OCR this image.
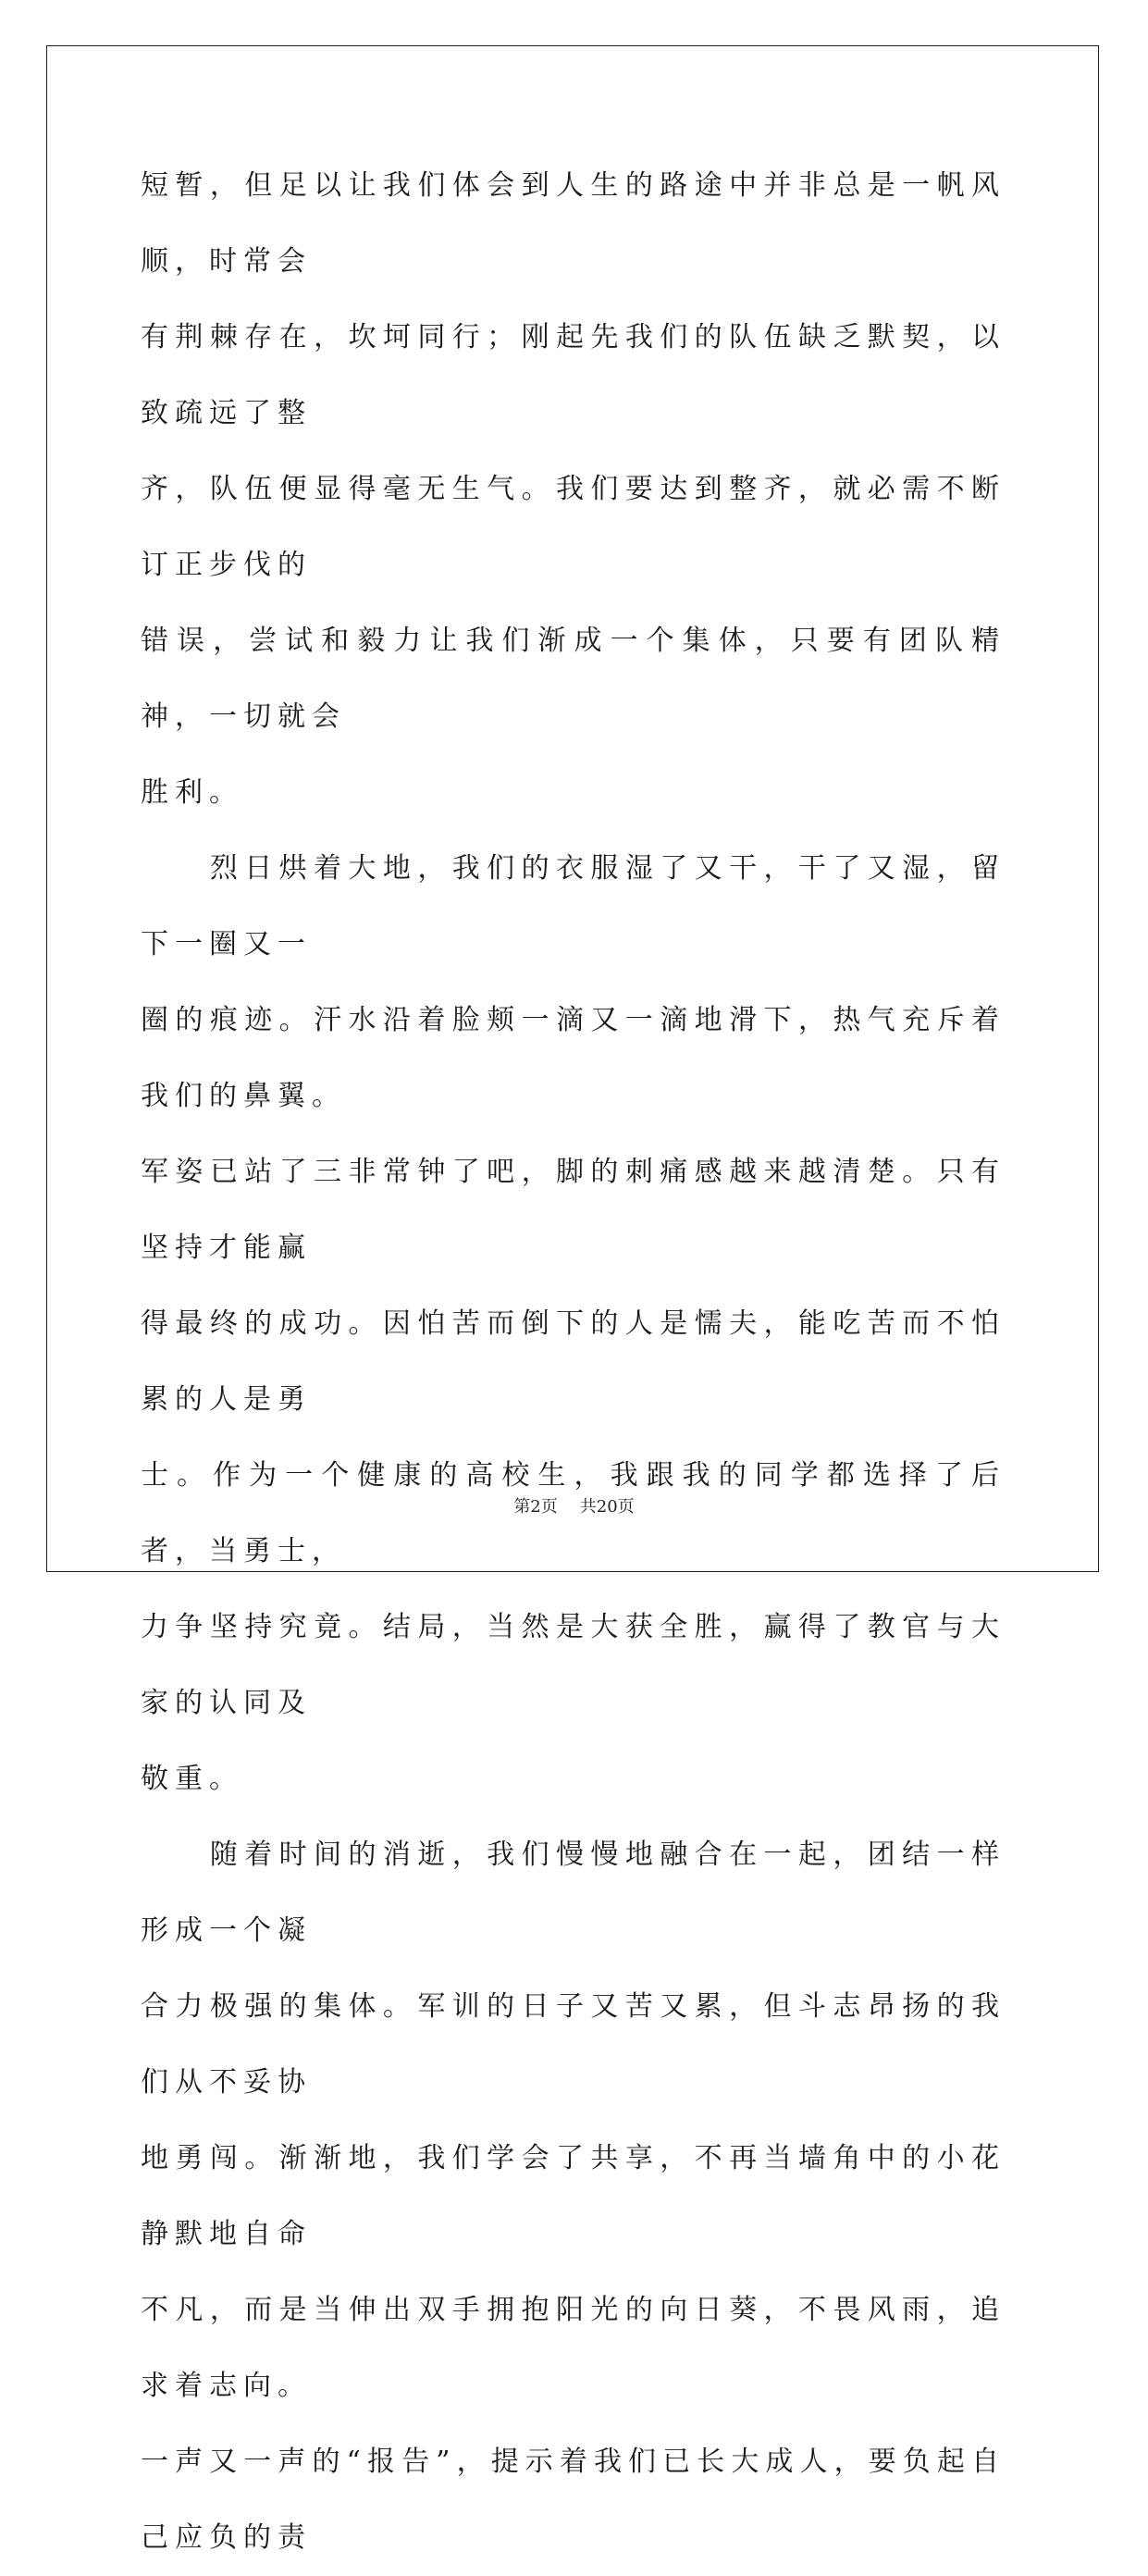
短暂，但足以让我们体会到人生的路途中并非总是一帆风顺，时常会
有荆棘存在，坎坷同行；刚起先我们的队伍缺乏默契，以致疏远了整
齐，队伍便显得毫无生气。我们要达到整齐，就必需不断订正步伐的
错误，尝试和毅力让我们渐成一个集体，只要有团队精神，一切就会
胜利。
　　烈日烘着大地，我们的衣服湿了又干，干了又湿，留下一圈又一
圈的痕迹。汗水沿着脸颊一滴又一滴地滑下，热气充斥着我们的鼻翼。
军姿已站了三非常钟了吧，脚的刺痛感越来越清楚。只有坚持才能赢
得最终的成功。因怕苦而倒下的人是懦夫，能吃苦而不怕累的人是勇
士。作为一个健康的高校生，我跟我的同学都选择了后者，当勇士，
力争坚持究竟。结局，当然是大获全胜，赢得了教官与大家的认同及
敬重。
　　随着时间的消逝，我们慢慢地融合在一起，团结一样形成一个凝
合力极强的集体。军训的日子又苦又累，但斗志昂扬的我们从不妥协
地勇闯。渐渐地，我们学会了共享，不再当墙角中的小花静默地自命
不凡，而是当伸出双手拥抱阳光的向日葵，不畏风雨，追求着志向。
一声又一声的“报告”，提示着我们已长大成人，要负起自己应负的责
第2页 共20页
